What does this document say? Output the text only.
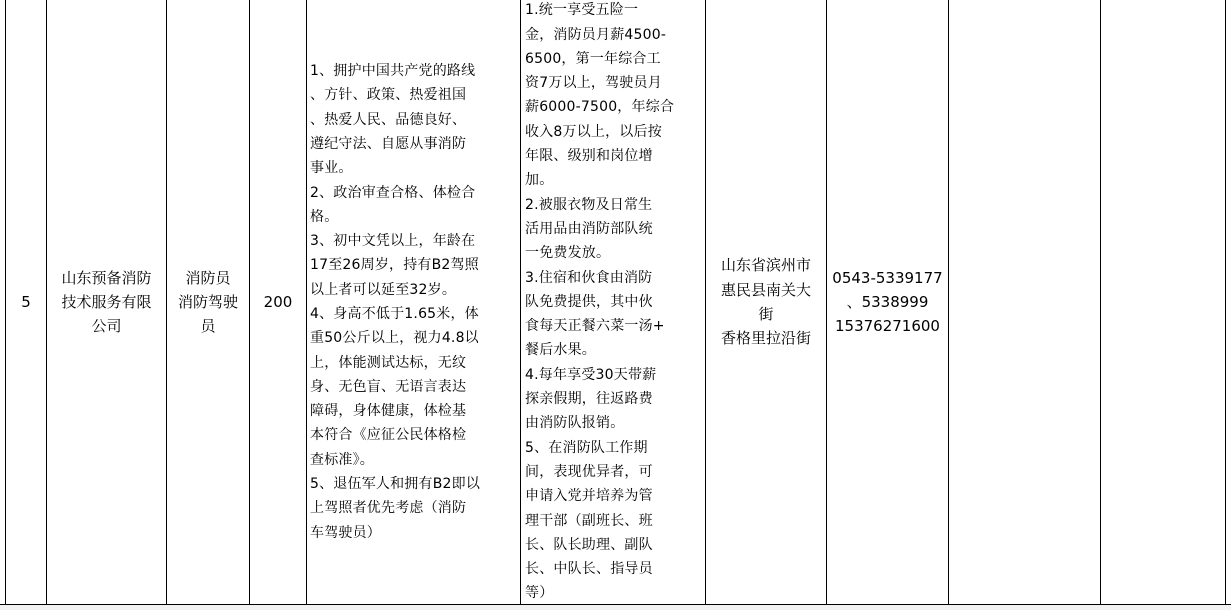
5
山东预备消防
技术服务有限
公司
消防员
消防驾驶
员
200
1、拥护中国共产党的路线
、方针、政策、热爱祖国
、热爱人民、品德良好、
遵纪守法、自愿从事消防
事业。
2、政治审查合格、体检合
格。
3、初中文凭以上，年龄在
17至26周岁，持有B2驾照
以上者可以延至32岁。
4、身高不低于1.65米，体
重50公斤以上，视力4.8以
上，体能测试达标，无纹
身、无色盲、无语言表达
障碍，身体健康，体检基
本符合《应征公民体格检
查标准》。
5、退伍军人和拥有B2即以
上驾照者优先考虑（消防
车驾驶员）
1.统一享受五险一
金，消防员月薪4500-
6500，第一年综合工
资7万以上，驾驶员月
薪6000-7500，年综合
收入8万以上，以后按
年限、级别和岗位增
加。
2.被服衣物及日常生
活用品由消防部队统
一免费发放。
3.住宿和伙食由消防
队免费提供，其中伙
食每天正餐六菜一汤+
餐后水果。
4.每年享受30天带薪
探亲假期，往返路费
由消防队报销。
5、在消防队工作期
间，表现优异者，可
申请入党并培养为管
理干部（副班长、班
长、队长助理、副队
长、中队长、指导员
等）
山东省滨州市
惠民县南关大
街
香格里拉沿街
0543-5339177
、5338999
15376271600
